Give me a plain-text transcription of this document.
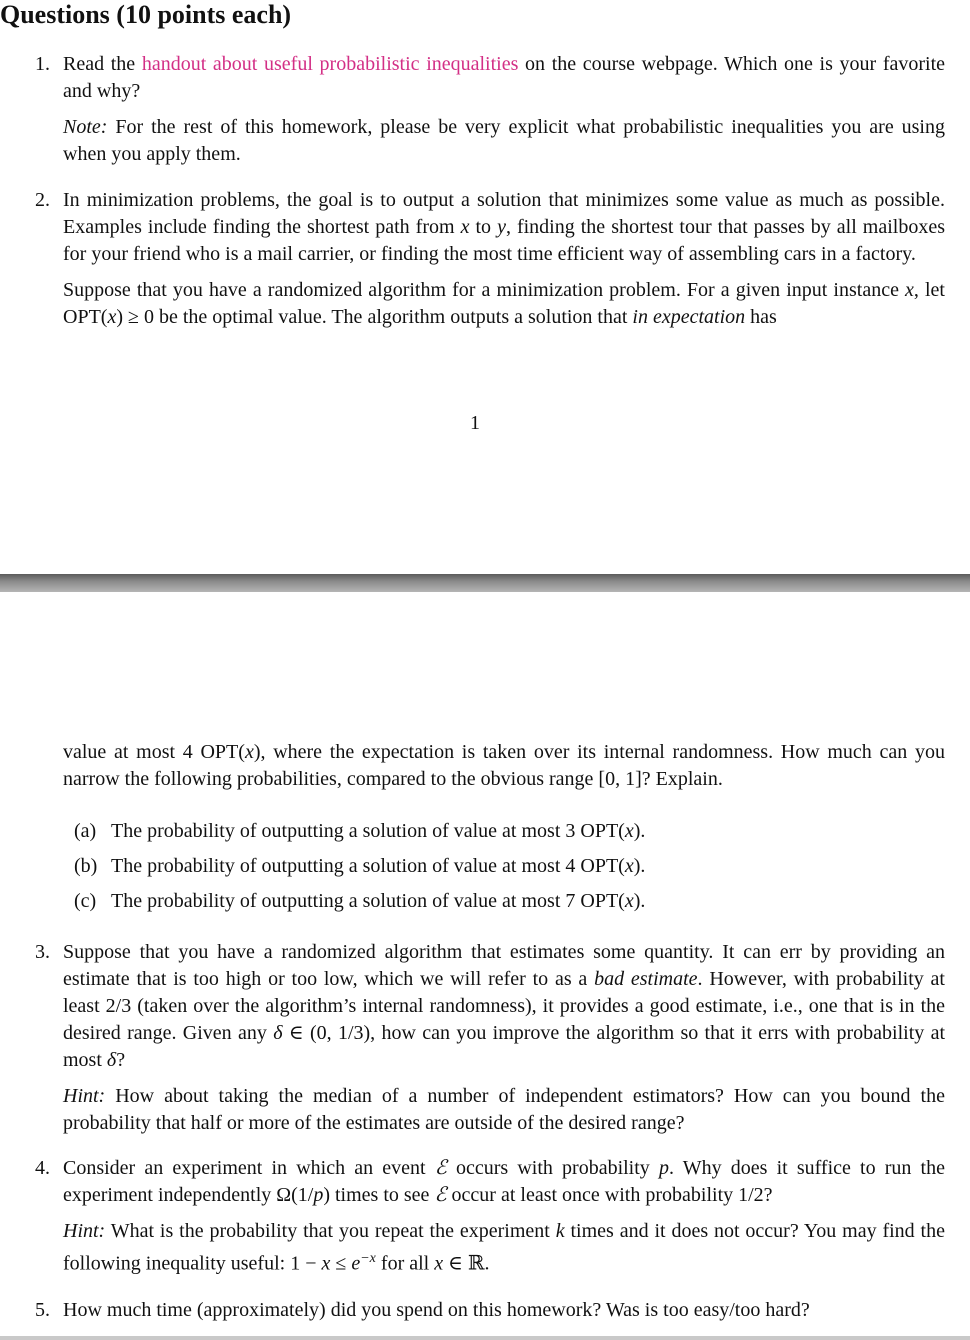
Questions (10 points each)
1. Read the handout about useful probabilistic inequalities on the course webpage. Which one is your favorite and why?

Note: For the rest of this homework, please be very explicit what probabilistic inequalities you are using when you apply them.

2. In minimization problems, the goal is to output a solution that minimizes some value as much as possible. Examples include finding the shortest path from x to y, finding the shortest tour that passes by all mailboxes for your friend who is a mail carrier, or finding the most time efficient way of assembling cars in a factory.

Suppose that you have a randomized algorithm for a minimization problem. For a given input instance x, let OPT(x) ≥ 0 be the optimal value. The algorithm outputs a solution that in expectation has

1
value at most 4 OPT(x), where the expectation is taken over its internal randomness. How much can you narrow the following probabilities, compared to the obvious range [0, 1]? Explain.
(a) The probability of outputting a solution of value at most 3 OPT(x).
(b) The probability of outputting a solution of value at most 4 OPT(x).
(c) The probability of outputting a solution of value at most 7 OPT(x).
3. Suppose that you have a randomized algorithm that estimates some quantity. It can err by providing an estimate that is too high or too low, which we will refer to as a bad estimate. However, with probability at least 2/3 (taken over the algorithm’s internal randomness), it provides a good estimate, i.e., one that is in the desired range. Given any δ ∈ (0, 1/3), how can you improve the algorithm so that it errs with probability at most δ?

Hint: How about taking the median of a number of independent estimators? How can you bound the probability that half or more of the estimates are outside of the desired range?

4. Consider an experiment in which an event ℰ occurs with probability p. Why does it suffice to run the experiment independently Ω(1/p) times to see ℰ occur at least once with probability 1/2?

Hint: What is the probability that you repeat the experiment k times and it does not occur? You may find the following inequality useful: $1 - x \le e^{-x}$ for all x ∈ ℝ.

5. How much time (approximately) did you spend on this homework? Was is too easy/too hard?
